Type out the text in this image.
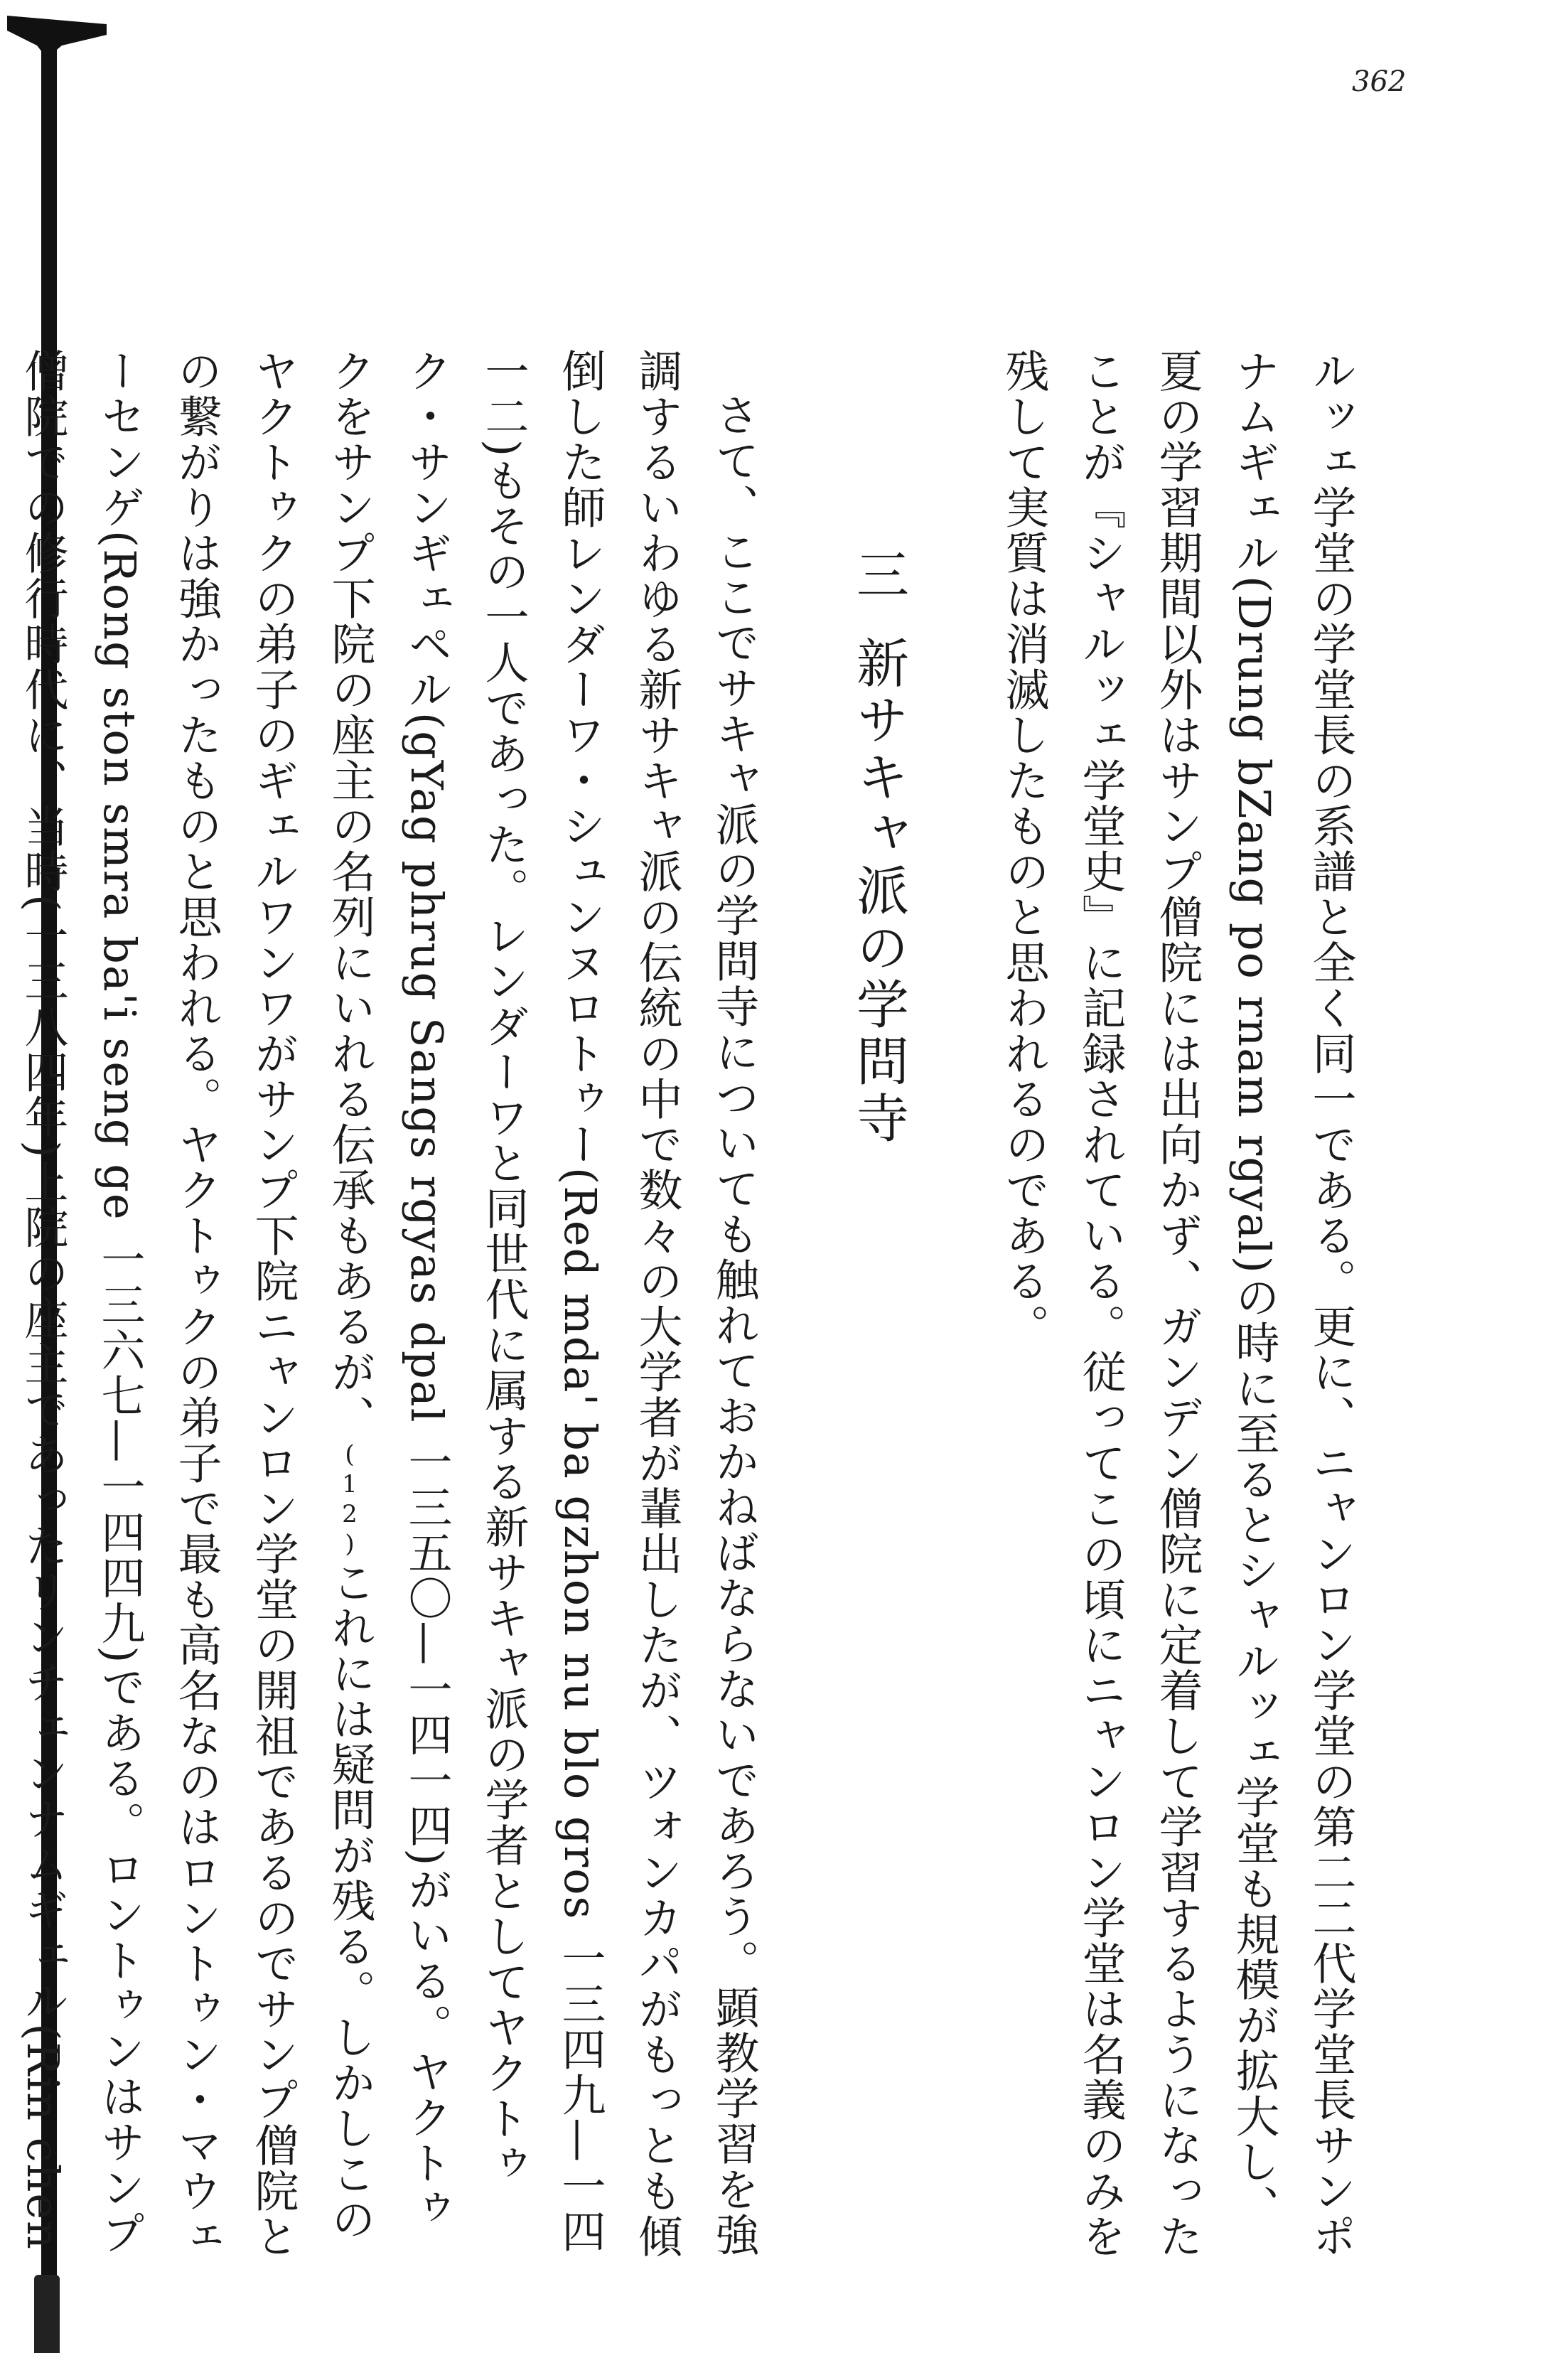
362

ルッェ学堂の学堂長の系譜と全く同一である。更に、ニャンロン学堂の第二二代学堂長サンポナムギェル(Drung bZang po rnam rgyal)の時に至るとシャルッェ学堂も規模が拡大し、夏の学習期間以外はサンプ僧院には出向かず、ガンデン僧院に定着して学習するようになったことが『シャルッェ学堂史』に記録されている。従ってこの頃にニャンロン学堂は名義のみを残して実質は消滅したものと思われるのである。

三新サキャ派の学問寺

さて、ここでサキャ派の学問寺についても触れておかねばならないであろう。顕教学習を強調するいわゆる新サキャ派の伝統の中で数々の大学者が輩出したが、ツォンカパがもっとも傾倒した師レンダーワ・シュンヌロトゥー(Red mda' ba gzhon nu blo gros 一三四九—一四一二)もその一人であった。レンダーワと同世代に属する新サキャ派の学者としてヤクトゥク・サンギェペル(gYag phrug Sangs rgyas dpal 一三五〇—一四一四)がいる。ヤクトゥクをサンプ下院の座主の名列にいれる伝承もあるが、(12)これには疑問が残る。しかしこのヤクトゥクの弟子のギェルワンワがサンプ下院ニャンロン学堂の開祖であるのでサンプ僧院との繋がりは強かったものと思われる。ヤクトゥクの弟子で最も高名なのはロントゥン・マウェーセンゲ(Rong ston smra ba'i seng ge 一三六七—一四四九)である。ロントゥンはサンプ僧院での修行時代に、当時(一三八四年)上院の座主であったリンチェンナムギェル(Rin chen
